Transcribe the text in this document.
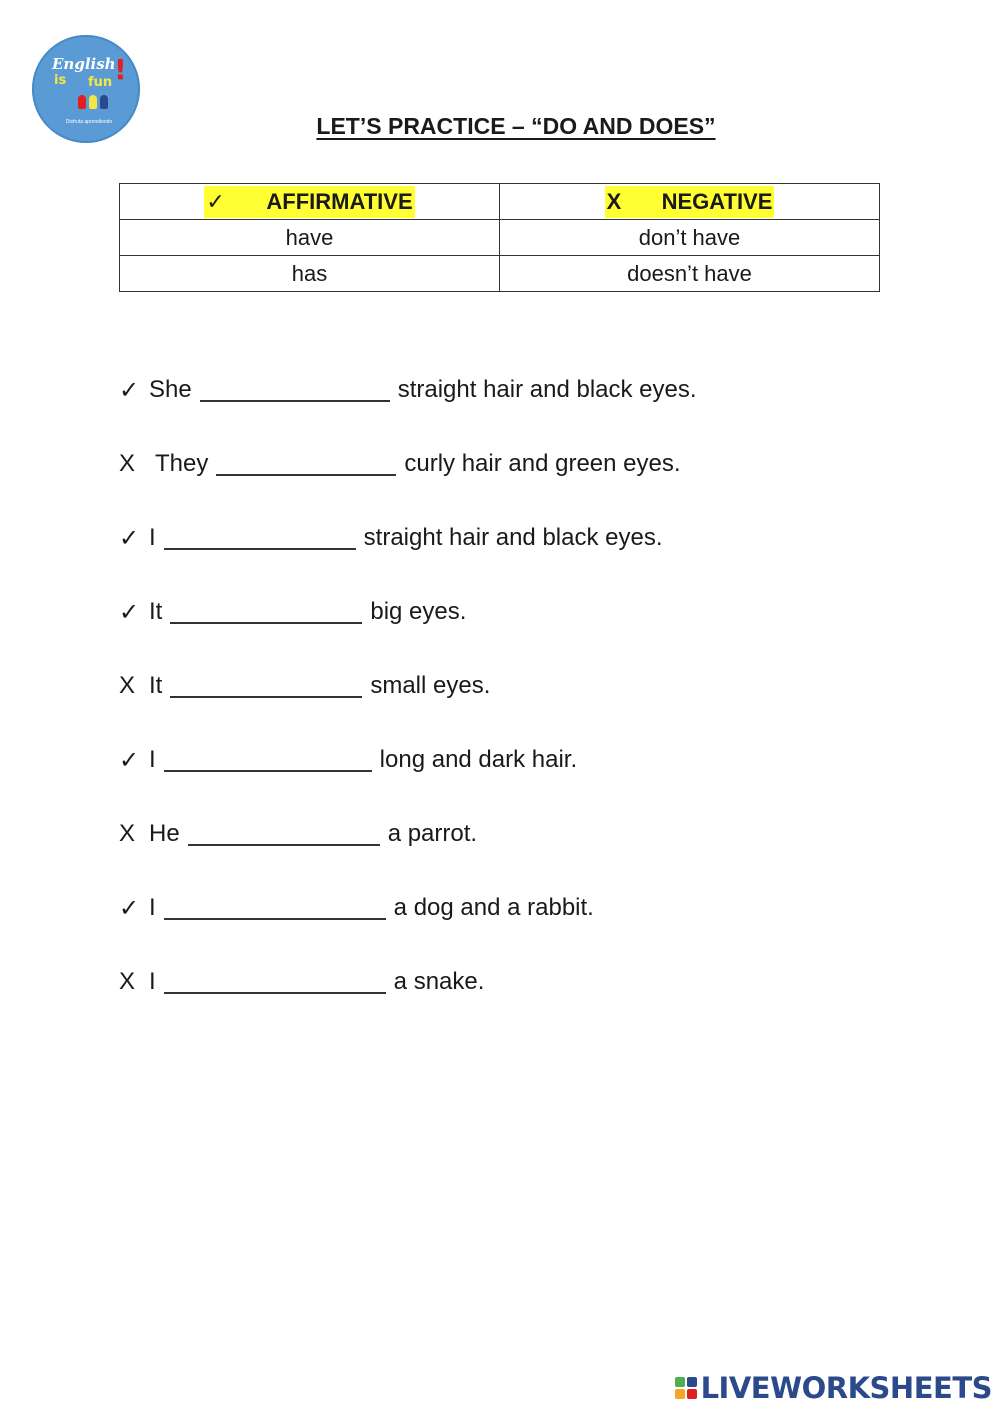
English
is fun !
Disfruta aprendiendo	LET’S PRACTICE – “DO AND DOES”
✓ AFFIRMATIVE	X NEGATIVE
have	don’t have
has	doesn’t have
✓ She	straight hair and black eyes.
X They	curly hair and green eyes.
✓ I	straight hair and black eyes.
✓ It	big eyes.
X It	small eyes.
✓ I	long and dark hair.
X He	a parrot.
✓ I	a dog and a rabbit.
X I	a snake.
LIVEWORKSHEETS
